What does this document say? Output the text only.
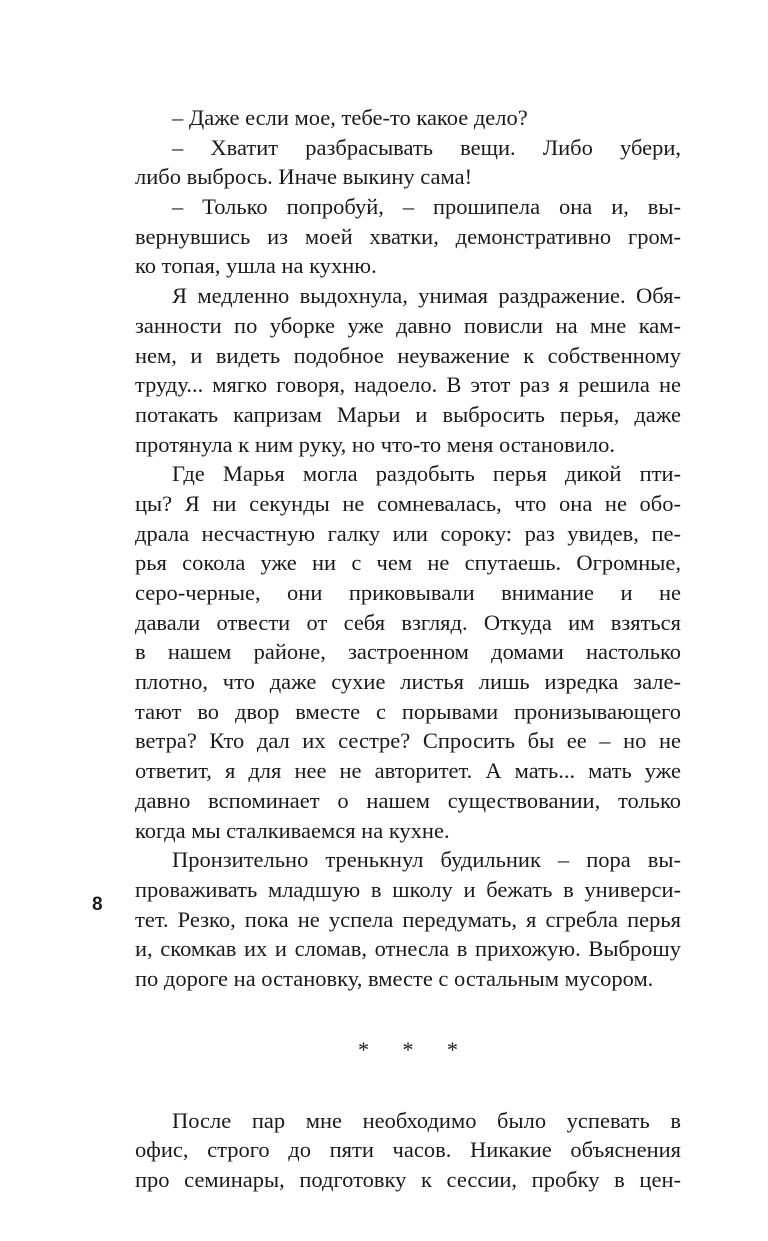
– Даже если мое, тебе-то какое дело?
– Хватит разбрасывать вещи. Либо убери,
либо выбрось. Иначе выкину сама!
– Только попробуй, – прошипела она и, вы-
вернувшись из моей хватки, демонстративно гром-
ко топая, ушла на кухню.
Я медленно выдохнула, унимая раздражение. Обя-
занности по уборке уже давно повисли на мне кам-
нем, и видеть подобное неуважение к собственному
труду... мягко говоря, надоело. В этот раз я решила не
потакать капризам Марьи и выбросить перья, даже
протянула к ним руку, но что-то меня остановило.
Где Марья могла раздобыть перья дикой пти-
цы? Я ни секунды не сомневалась, что она не обо-
драла несчастную галку или сороку: раз увидев, пе-
рья сокола уже ни с чем не спутаешь. Огромные,
серо-черные, они приковывали внимание и не
давали отвести от себя взгляд. Откуда им взяться
в нашем районе, застроенном домами настолько
плотно, что даже сухие листья лишь изредка зале-
тают во двор вместе с порывами пронизывающего
ветра? Кто дал их сестре? Спросить бы ее – но не
ответит, я для нее не авторитет. А мать... мать уже
давно вспоминает о нашем существовании, только
когда мы сталкиваемся на кухне.
Пронзительно тренькнул будильник – пора вы-
проваживать младшую в школу и бежать в универси-
тет. Резко, пока не успела передумать, я сгребла перья
и, скомкав их и сломав, отнесла в прихожую. Выброшу
по дороге на остановку, вместе с остальным мусором.
* * *
После пар мне необходимо было успевать в
офис, строго до пяти часов. Никакие объяснения
про семинары, подготовку к сессии, пробку в цен-
8
